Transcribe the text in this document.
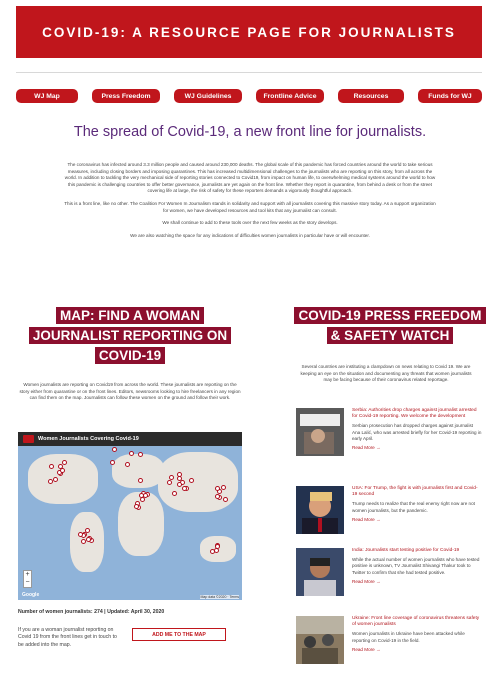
COVID-19: A RESOURCE PAGE FOR JOURNALISTS
WJ Map	Press Freedom	WJ Guidelines	Frontline Advice	Resources	Funds for WJ
The spread of Covid-19, a new front line for journalists.

The coronavirus has infected around 3.3 million people and caused around 230,000 deaths. The global scale of this pandemic has forced countries around the world to take serious measures, including closing borders and imposing quarantines. This has increased multidimensional challenges to the journalists who are reporting on this story, from all across the world. In addition to tackling the very mechanical side of reporting stories connected to Covid19, from impact on human life, to overwhelming medical systems around the world to how this pandemic is challenging countries to offer better governance, journalists are yet again on the front line. Whether they report in quarantine, from behind a desk or from the street covering life at large, the risk of safety for these reporters demands a vigorously thoughtful approach.

This is a front line, like no other. The Coalition For Women In Journalism stands in solidarity and support with all journalists covering this massive story today. As a support organization for women, we have developed resources and tool kits that any journalist can consult.

We shall continue to add to these tools over the next few weeks as the story develops.

We are also watching the space for any indications of difficulties women journalists in particular have or will encounter.

MAP: FIND A WOMAN
JOURNALIST REPORTING ON
COVID-19
Women journalists are reporting on Covid19 from across the world. These journalists are reporting on the story either from quarantine or on the front lines. Editors, newsrooms looking to hire freelancers in any region can find them on the map. Journalists can follow these women on the ground and follow their work.
Women Journalists Covering Covid-19
+
−
Google	Map data ©2020 · Terms
Number of women journalists: 274 | Updated: April 30, 2020
If you are a woman journalist reporting on Covid 19 from the front lines get in touch to be added into the map.
ADD ME TO THE MAP
COVID-19 PRESS FREEDOM
& SAFETY WATCH
Several countries are instituting a clampdown on news relating to Covid 19. We are keeping an eye on the situation and documenting any threats that women journalists may be facing because of their coronavirus related reportage.
Serbia: Authorities drop charges against journalist arrested for Covid-19 reporting. We welcome the development
Serbian prosecution has dropped charges against journalist Ana Lalić, who was arrested briefly for her Covid-19 reporting in early April.
Read More →
USA: For Trump, the fight is with journalists first and Covid-19 second
Trump needs to realize that the real enemy right now are not women journalists, but the pandemic.
Read More →
India: Journalists start testing positive for Covid-19
While the actual number of women journalists who have tested positive is unknown, TV Journalist Shivangi Thakur took to Twitter to confirm that she had tested positive.
Read More →
Ukraine: Front line coverage of coronavirus threatens safety of women journalists
Women journalists in Ukraine have been attacked while reporting on Covid-19 in the field.
Read More →
